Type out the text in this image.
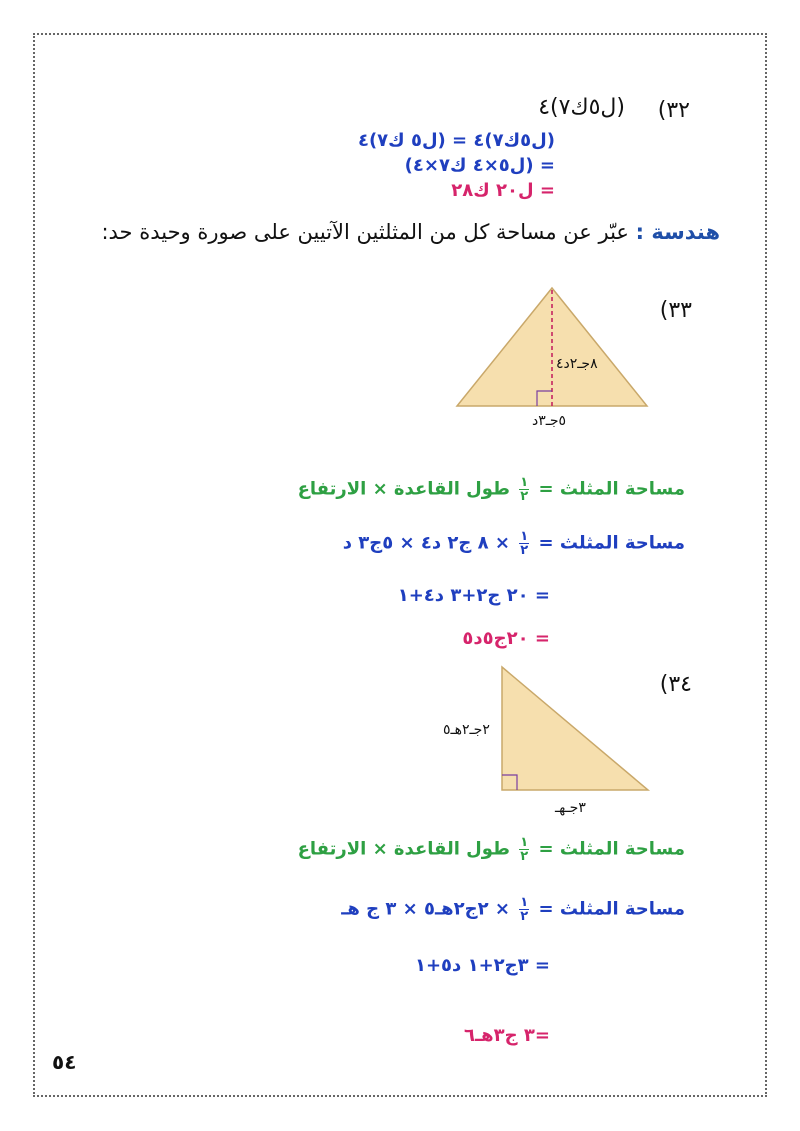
(٣٢
(ل٥ك٧)٤
(ل٥ك٧)٤ = (ل٥ ك٧)٤
= (ل٥×٤ ك٧×٤)
= ل٢٠ ك٢٨
هندسة : عبّر عن مساحة كل من المثلثين الآتيين على صورة وحيدة حد:
(٣٣
٨جـ٢د٤
٥جـ٣د
مساحة المثلث =
$\frac{١}{٢}$
طول القاعدة × الارتفاع
مساحة المثلث =
$\frac{١}{٢}$
× ٨ ج٢ د٤ × ٥ج٣ د
= ٢٠ ج٢+٣ د٤+١
= ٢٠ج٥د٥
(٣٤
٢جـ٢هـ٥
٣جـهـ
مساحة المثلث =
$\frac{١}{٢}$
طول القاعدة × الارتفاع
مساحة المثلث =
$\frac{١}{٢}$
× ٢ج٢هـ٥ × ٣ ج هـ
= ٣ج٢+١ د٥+١
=٣ ج٣هـ٦
٥٤
